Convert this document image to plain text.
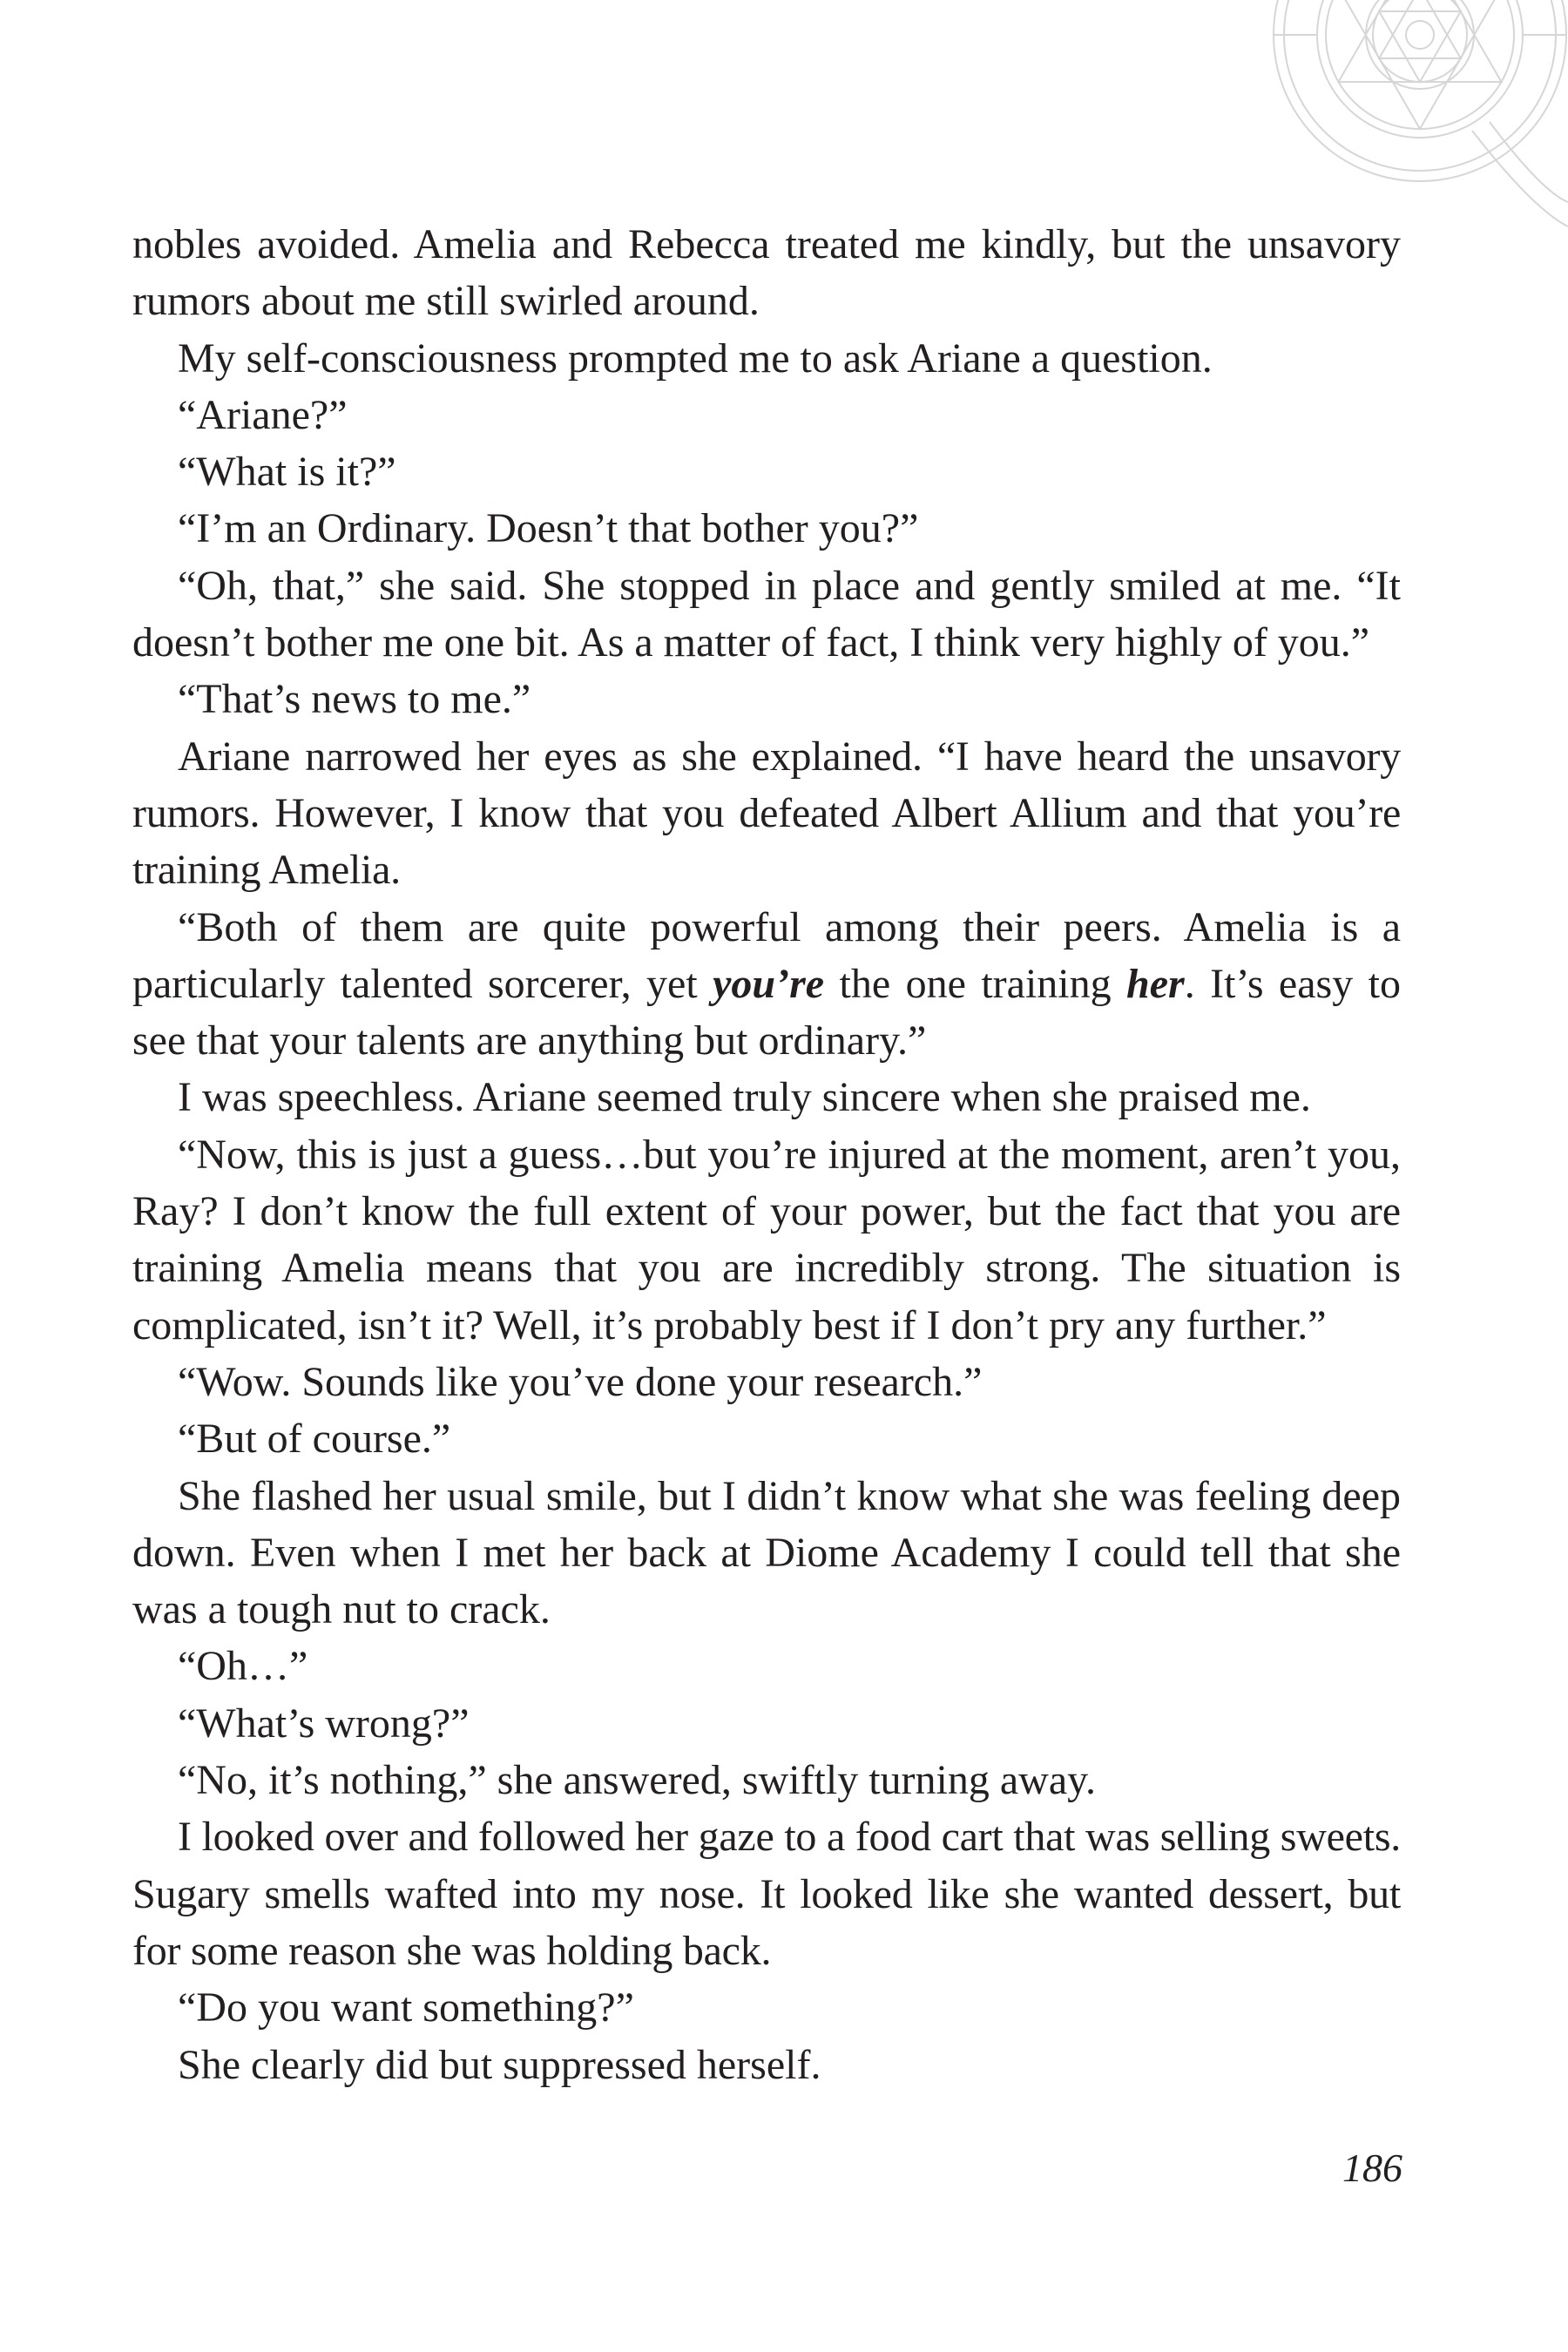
nobles avoided. Amelia and Rebecca treated me kindly, but the unsavory rumors about me still swirled around.

My self-consciousness prompted me to ask Ariane a question.

“Ariane?”

“What is it?”

“I’m an Ordinary. Doesn’t that bother you?”

“Oh, that,” she said. She stopped in place and gently smiled at me. “It doesn’t bother me one bit. As a matter of fact, I think very highly of you.”

“That’s news to me.”

Ariane narrowed her eyes as she explained. “I have heard the unsavory rumors. However, I know that you defeated Albert Allium and that you’re training Amelia.

“Both of them are quite powerful among their peers. Amelia is a particularly talented sorcerer, yet you’re the one training her. It’s easy to see that your talents are anything but ordinary.”

I was speechless. Ariane seemed truly sincere when she praised me.

“Now, this is just a guess…but you’re injured at the moment, aren’t you, Ray? I don’t know the full extent of your power, but the fact that you are training Amelia means that you are incredibly strong. The situation is complicated, isn’t it? Well, it’s probably best if I don’t pry any further.”

“Wow. Sounds like you’ve done your research.”

“But of course.”

She flashed her usual smile, but I didn’t know what she was feeling deep down. Even when I met her back at Diome Academy I could tell that she was a tough nut to crack.

“Oh…”

“What’s wrong?”

“No, it’s nothing,” she answered, swiftly turning away.

I looked over and followed her gaze to a food cart that was selling sweets. Sugary smells wafted into my nose. It looked like she wanted dessert, but for some reason she was holding back.

“Do you want something?”

She clearly did but suppressed herself.

186
